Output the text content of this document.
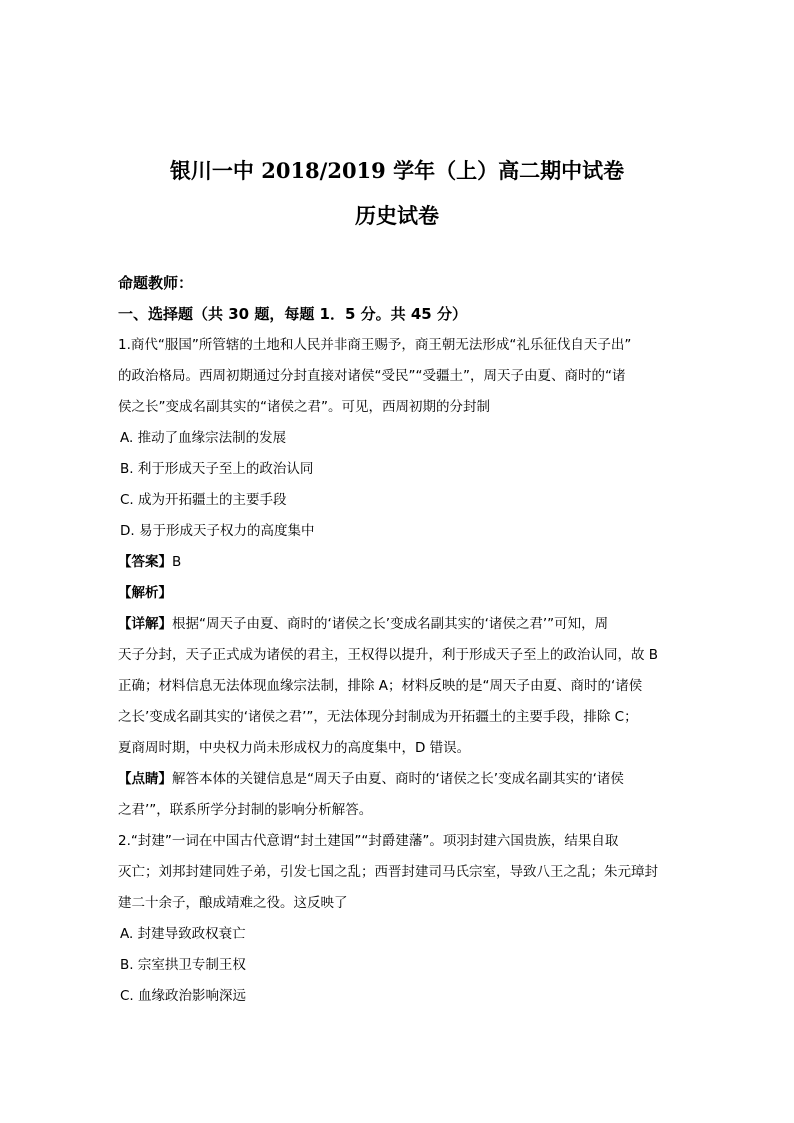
银川一中 2018/2019 学年（上）高二期中试卷
历史试卷
命题教师：
一、选择题（共 30 题，每题 1．5 分。共 45 分）
1.商代“服国”所管辖的土地和人民并非商王赐予，商王朝无法形成“礼乐征伐自天子出”
的政治格局。西周初期通过分封直接对诸侯“受民”“受疆土”，周天子由夏、商时的“诸
侯之长”变成名副其实的“诸侯之君”。可见，西周初期的分封制
A. 推动了血缘宗法制的发展
B. 利于形成天子至上的政治认同
C. 成为开拓疆土的主要手段
D. 易于形成天子权力的高度集中
【答案】B
【解析】
【详解】根据“周天子由夏、商时的‘诸侯之长’变成名副其实的‘诸侯之君’”可知，周
天子分封，天子正式成为诸侯的君主，王权得以提升，利于形成天子至上的政治认同，故 B
正确；材料信息无法体现血缘宗法制，排除 A；材料反映的是“周天子由夏、商时的‘诸侯
之长’变成名副其实的‘诸侯之君’”，无法体现分封制成为开拓疆土的主要手段，排除 C；
夏商周时期，中央权力尚未形成权力的高度集中，D 错误。
【点睛】解答本体的关键信息是“周天子由夏、商时的‘诸侯之长’变成名副其实的‘诸侯
之君’”，联系所学分封制的影响分析解答。
2.“封建”一词在中国古代意谓“封土建国”“封爵建藩”。项羽封建六国贵族，结果自取
灭亡；刘邦封建同姓子弟，引发七国之乱；西晋封建司马氏宗室，导致八王之乱；朱元璋封
建二十余子，酿成靖难之役。这反映了
A. 封建导致政权衰亡
B. 宗室拱卫专制王权
C. 血缘政治影响深远
